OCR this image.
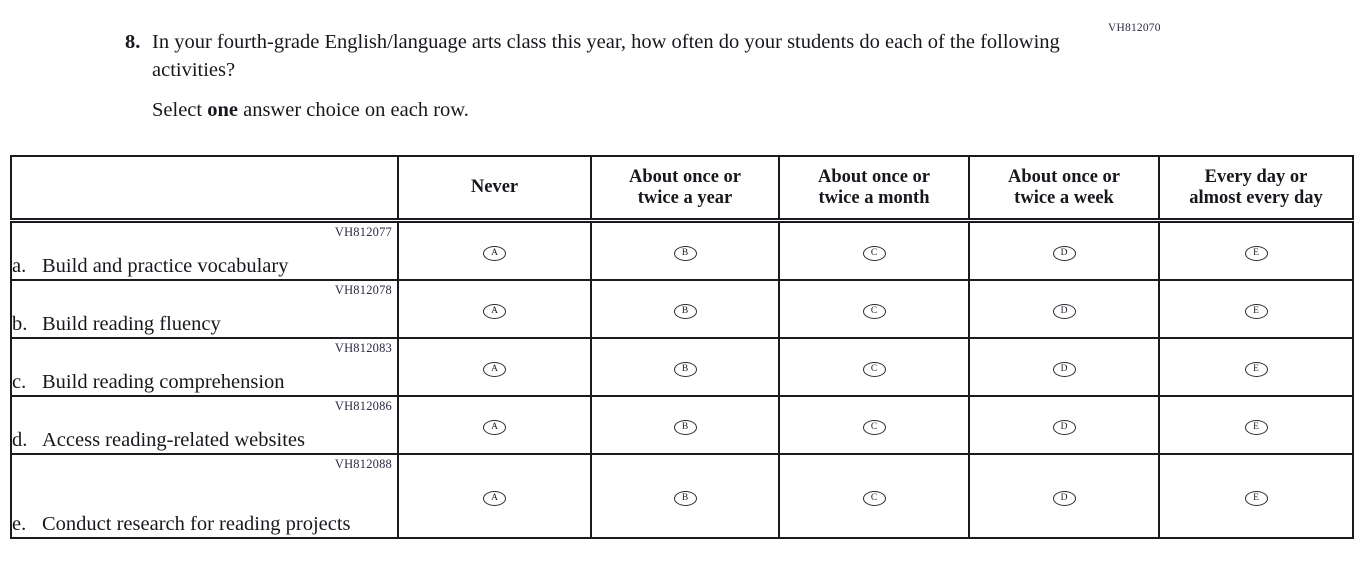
VH812070
8. In your fourth-grade English/language arts class this year, how often do your students do each of the following activities?

Select one answer choice on each row.

	Never	About once or
twice a year	About once or
twice a month	About once or
twice a week	Every day or
almost every day

VH812077
a. Build and practice vocabulary	A	B	C	D	E

VH812078
b. Build reading fluency	A	B	C	D	E

VH812083
c. Build reading comprehension	A	B	C	D	E

VH812086
d. Access reading-related websites	A	B	C	D	E

VH812088
e. Conduct research for reading projects	A	B	C	D	E
